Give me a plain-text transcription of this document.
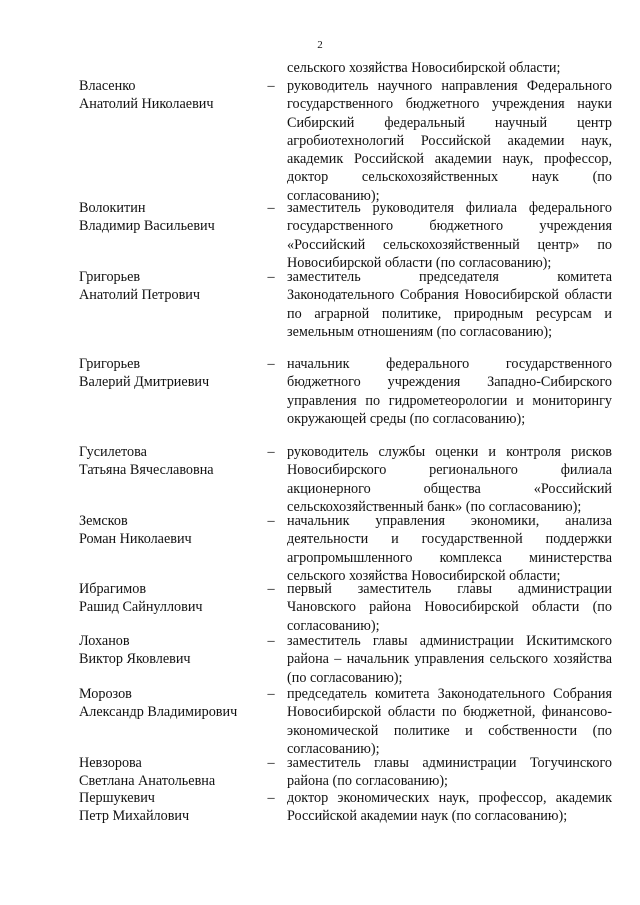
2
сельского хозяйства Новосибирской области;
Власенко
Анатолий Николаевич
– руководитель научного направления Федерального государственного бюджетного учреждения науки Сибирский федеральный научный центр агробиотехнологий Российской академии наук, академик Российской академии наук, профессор, доктор сельскохозяйственных наук (по согласованию);
Волокитин
Владимир Васильевич
– заместитель руководителя филиала федерального государственного бюджетного учреждения «Российский сельскохозяйственный центр» по Новосибирской области (по согласованию);
Григорьев
Анатолий Петрович
– заместитель председателя комитета Законодательного Собрания Новосибирской области по аграрной политике, природным ресурсам и земельным отношениям (по согласованию);
Григорьев
Валерий Дмитриевич
– начальник федерального государственного бюджетного учреждения Западно-Сибирского управления по гидрометеорологии и мониторингу окружающей среды (по согласованию);
Гусилетова
Татьяна Вячеславовна
– руководитель службы оценки и контроля рисков Новосибирского регионального филиала акционерного общества «Российский сельскохозяйственный банк» (по согласованию);
Земсков
Роман Николаевич
– начальник управления экономики, анализа деятельности и государственной поддержки агропромышленного комплекса министерства сельского хозяйства Новосибирской области;
Ибрагимов
Рашид Сайнуллович
– первый заместитель главы администрации Чановского района Новосибирской области (по согласованию);
Лоханов
Виктор Яковлевич
– заместитель главы администрации Искитимского района – начальник управления сельского хозяйства (по согласованию);
Морозов
Александр Владимирович
– председатель комитета Законодательного Собрания Новосибирской области по бюджетной, финансово-экономической политике и собственности (по согласованию);
Невзорова
Светлана Анатольевна
– заместитель главы администрации Тогучинского района (по согласованию);
Першукевич
Петр Михайлович
– доктор экономических наук, профессор, академик Российской академии наук (по согласованию);
